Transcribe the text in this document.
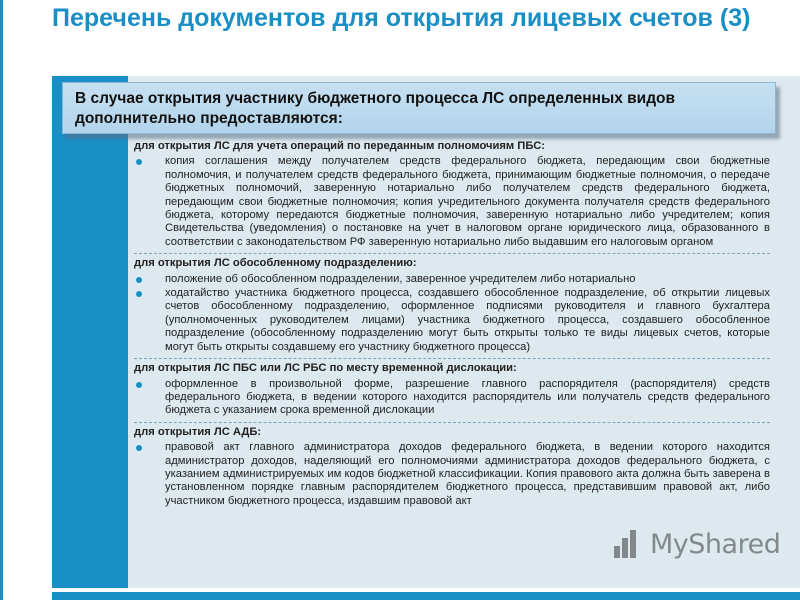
Перечень документов для открытия лицевых счетов (3)
В случае открытия участнику бюджетного процесса ЛС определенных видов дополнительно предоставляются:
для открытия ЛС для учета операций по переданным полномочиям ПБС:
копия соглашения между получателем средств федерального бюджета, передающим свои бюджетные полномочия, и получателем средств федерального бюджета, принимающим бюджетные полномочия, о передаче бюджетных полномочий, заверенную нотариально либо получателем средств федерального бюджета, передающим свои бюджетные полномочия; копия учредительного документа получателя средств федерального бюджета, которому передаются бюджетные полномочия, заверенную нотариально либо учредителем; копия Свидетельства (уведомления) о постановке на учет в налоговом органе юридического лица, образованного в соответствии с законодательством РФ заверенную нотариально либо выдавшим его налоговым органом
для открытия ЛС обособленному подразделению:
положение об обособленном подразделении, заверенное учредителем либо нотариально
ходатайство участника бюджетного процесса, создавшего обособленное подразделение, об открытии лицевых счетов обособленному подразделению, оформленное подписями руководителя и главного бухгалтера (уполномоченных руководителем лицами) участника бюджетного процесса, создавшего обособленное подразделение (обособленному подразделению могут быть открыты только те виды лицевых счетов, которые могут быть открыты создавшему его участнику бюджетного процесса)
для открытия ЛС ПБС или ЛС РБС по месту временной дислокации:
оформленное в произвольной форме, разрешение главного распорядителя (распорядителя) средств федерального бюджета, в ведении которого находится распорядитель или получатель средств федерального бюджета с указанием срока временной дислокации
для открытия ЛС АДБ:
правовой акт главного администратора доходов федерального бюджета, в ведении которого находится администратор доходов, наделяющий его полномочиями администратора доходов федерального бюджета, с указанием администрируемых им кодов бюджетной классификации. Копия правового акта должна быть заверена в установленном порядке главным распорядителем бюджетного процесса, представившим правовой акт, либо участником бюджетного процесса, издавшим правовой акт
MyShared
